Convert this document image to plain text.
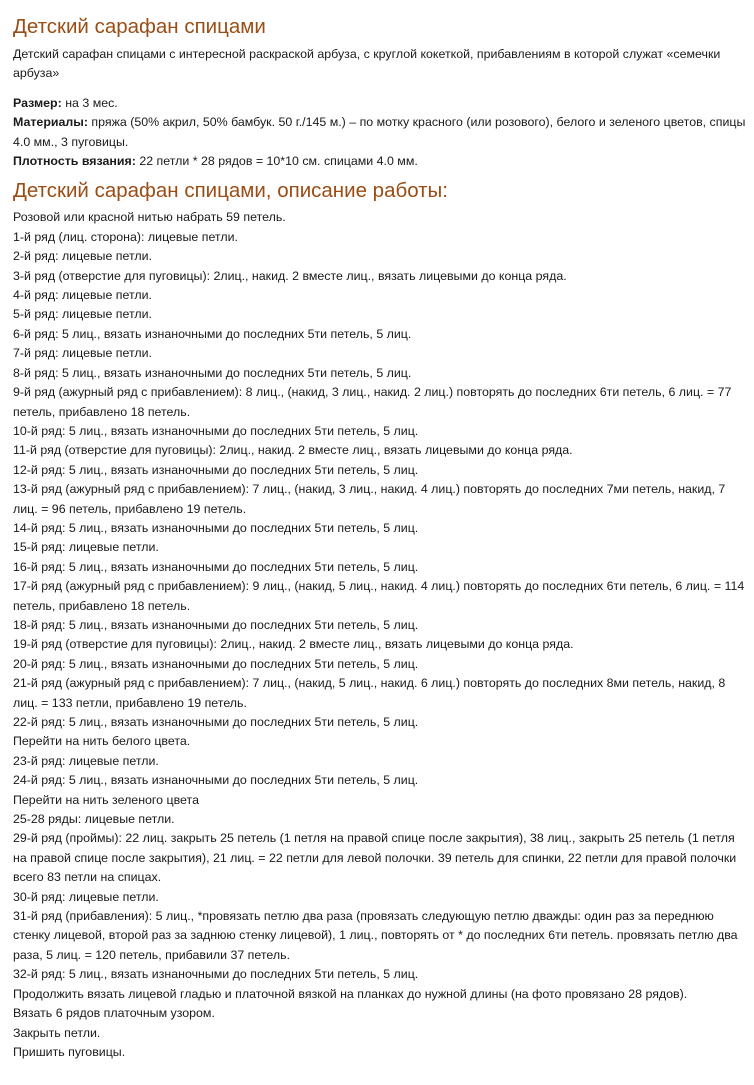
Детский сарафан спицами

Детский сарафан спицами с интересной раскраской арбуза, с круглой кокеткой, прибавлениям в которой служат «семечки арбуза»

Размер: на 3 мес.

Материалы: пряжа (50% акрил, 50% бамбук. 50 г./145 м.) – по мотку красного (или розового), белого и зеленого цветов, спицы 4.0 мм., 3 пуговицы.

Плотность вязания: 22 петли * 28 рядов = 10*10 см. спицами 4.0 мм.

Детский сарафан спицами, описание работы:

Розовой или красной нитью набрать 59 петель.

1-й ряд (лиц. сторона): лицевые петли.

2-й ряд: лицевые петли.

3-й ряд (отверстие для пуговицы): 2лиц., накид. 2 вместе лиц., вязать лицевыми до конца ряда.

4-й ряд: лицевые петли.

5-й ряд: лицевые петли.

6-й ряд: 5 лиц., вязать изнаночными до последних 5ти петель, 5 лиц.

7-й ряд: лицевые петли.

8-й ряд: 5 лиц., вязать изнаночными до последних 5ти петель, 5 лиц.

9-й ряд (ажурный ряд с прибавлением): 8 лиц., (накид, 3 лиц., накид. 2 лиц.) повторять до последних 6ти петель, 6 лиц. = 77 петель, прибавлено 18 петель.

10-й ряд: 5 лиц., вязать изнаночными до последних 5ти петель, 5 лиц.

11-й ряд (отверстие для пуговицы): 2лиц., накид. 2 вместе лиц., вязать лицевыми до конца ряда.

12-й ряд: 5 лиц., вязать изнаночными до последних 5ти петель, 5 лиц.

13-й ряд (ажурный ряд с прибавлением): 7 лиц., (накид, 3 лиц., накид. 4 лиц.) повторять до последних 7ми петель, накид, 7 лиц. = 96 петель, прибавлено 19 петель.

14-й ряд: 5 лиц., вязать изнаночными до последних 5ти петель, 5 лиц.

15-й ряд: лицевые петли.

16-й ряд: 5 лиц., вязать изнаночными до последних 5ти петель, 5 лиц.

17-й ряд (ажурный ряд с прибавлением): 9 лиц., (накид, 5 лиц., накид. 4 лиц.) повторять до последних 6ти петель, 6 лиц. = 114 петель, прибавлено 18 петель.

18-й ряд: 5 лиц., вязать изнаночными до последних 5ти петель, 5 лиц.

19-й ряд (отверстие для пуговицы): 2лиц., накид. 2 вместе лиц., вязать лицевыми до конца ряда.

20-й ряд: 5 лиц., вязать изнаночными до последних 5ти петель, 5 лиц.

21-й ряд (ажурный ряд с прибавлением): 7 лиц., (накид, 5 лиц., накид. 6 лиц.) повторять до последних 8ми петель, накид, 8 лиц. = 133 петли, прибавлено 19 петель.

22-й ряд: 5 лиц., вязать изнаночными до последних 5ти петель, 5 лиц.

Перейти на нить белого цвета.

23-й ряд: лицевые петли.

24-й ряд: 5 лиц., вязать изнаночными до последних 5ти петель, 5 лиц.

Перейти на нить зеленого цвета

25-28 ряды: лицевые петли.

29-й ряд (проймы): 22 лиц. закрыть 25 петель (1 петля на правой спице после закрытия), 38 лиц., закрыть 25 петель (1 петля на правой спице после закрытия), 21 лиц. = 22 петли для левой полочки. 39 петель для спинки, 22 петли для правой полочки всего 83 петли на спицах.

30-й ряд: лицевые петли.

31-й ряд (прибавления): 5 лиц., *провязать петлю два раза (провязать следующую петлю дважды: один раз за переднюю стенку лицевой, второй раз за заднюю стенку лицевой), 1 лиц., повторять от * до последних 6ти петель. провязать петлю два раза, 5 лиц. = 120 петель, прибавили 37 петель.

32-й ряд: 5 лиц., вязать изнаночными до последних 5ти петель, 5 лиц.

Продолжить вязать лицевой гладью и платочной вязкой на планках до нужной длины (на фото провязано 28 рядов).

Вязать 6 рядов платочным узором.

Закрыть петли.

Пришить пуговицы.
